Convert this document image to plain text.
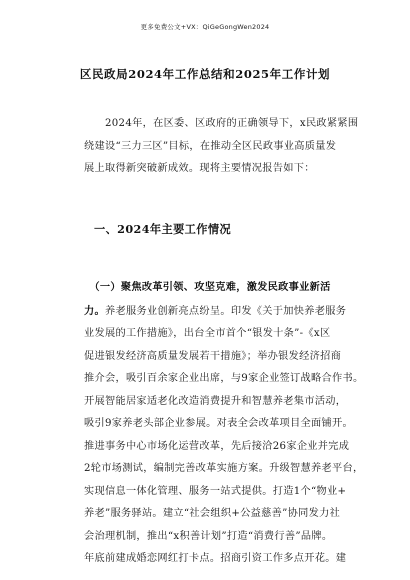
更多免费公文+VX：QiGeGongWen2024
区民政局2024年工作总结和2025年工作计划
　　2024年，在区委、区政府的正确领导下，x民政紧紧围
绕建设“三力三区”目标，在推动全区民政事业高质量发
展上取得新突破新成效。现将主要情况报告如下：
一、2024年主要工作情况
　（一）聚焦改革引领、攻坚克难，激发民政事业新活
力。养老服务业创新亮点纷呈。印发《关于加快养老服务
业发展的工作措施》，出台全市首个“银发十条”-《x区
促进银发经济高质量发展若干措施》；举办银发经济招商
推介会，吸引百余家企业出席，与9家企业签订战略合作书。
开展智能居家适老化改造消费提升和智慧养老集市活动，
吸引9家养老头部企业参展。对表全会改革项目全面铺开。
推进事务中心市场化运营改革，先后接洽26家企业并完成
2轮市场测试，编制完善改革实施方案。升级智慧养老平台，
实现信息一体化管理、服务一站式提供。打造1个“物业+
养老”服务驿站。建立“社会组织+公益慈善”协同发力社
会治理机制，推出“x积善计划”打造“消费行善”品牌。
年底前建成婚恋网红打卡点。招商引资工作多点开花。建
